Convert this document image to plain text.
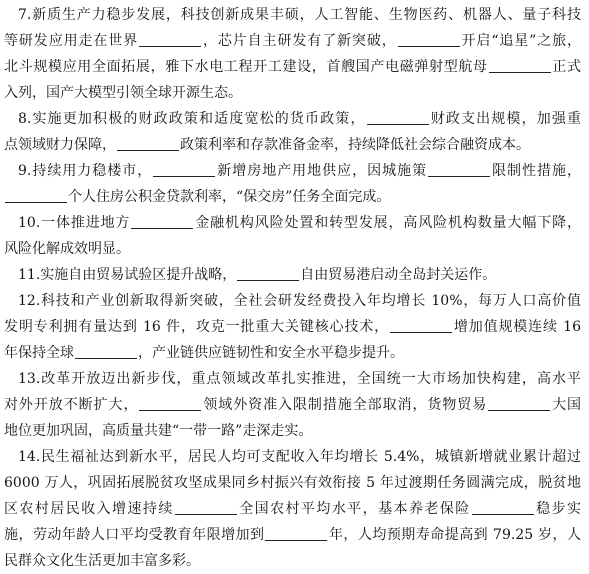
7.新质生产力稳步发展，科技创新成果丰硕，人工智能、生物医药、机器人、量子科技
等研发应用走在世界	，芯片自主研发有了新突破，	开启“追星”之旅，
北斗规模应用全面拓展，雅下水电工程开工建设，首艘国产电磁弹射型航母	正式
入列，国产大模型引领全球开源生态。
8.实施更加积极的财政政策和适度宽松的货币政策，	财政支出规模，加强重
点领域财力保障，	政策利率和存款准备金率，持续降低社会综合融资成本。
9.持续用力稳楼市，	新增房地产用地供应，因城施策	限制性措施，
个人住房公积金贷款利率，“保交房”任务全面完成。
10.一体推进地方	金融机构风险处置和转型发展，高风险机构数量大幅下降，
风险化解成效明显。
11.实施自由贸易试验区提升战略，	自由贸易港启动全岛封关运作。
12.科技和产业创新取得新突破，全社会研发经费投入年均增长 10%，每万人口高价值
发明专利拥有量达到 16 件，攻克一批重大关键核心技术，	增加值规模连续 16
年保持全球	，产业链供应链韧性和安全水平稳步提升。
13.改革开放迈出新步伐，重点领域改革扎实推进，全国统一大市场加快构建，高水平
对外开放不断扩大，	领域外资准入限制措施全部取消，货物贸易	大国
地位更加巩固，高质量共建“一带一路”走深走实。
14.民生福祉达到新水平，居民人均可支配收入年均增长 5.4%，城镇新增就业累计超过
6000 万人，巩固拓展脱贫攻坚成果同乡村振兴有效衔接 5 年过渡期任务圆满完成，脱贫地
区农村居民收入增速持续	全国农村平均水平，基本养老保险	稳步实
施，劳动年龄人口平均受教育年限增加到	年，人均预期寿命提高到 79.25 岁，人
民群众文化生活更加丰富多彩。
